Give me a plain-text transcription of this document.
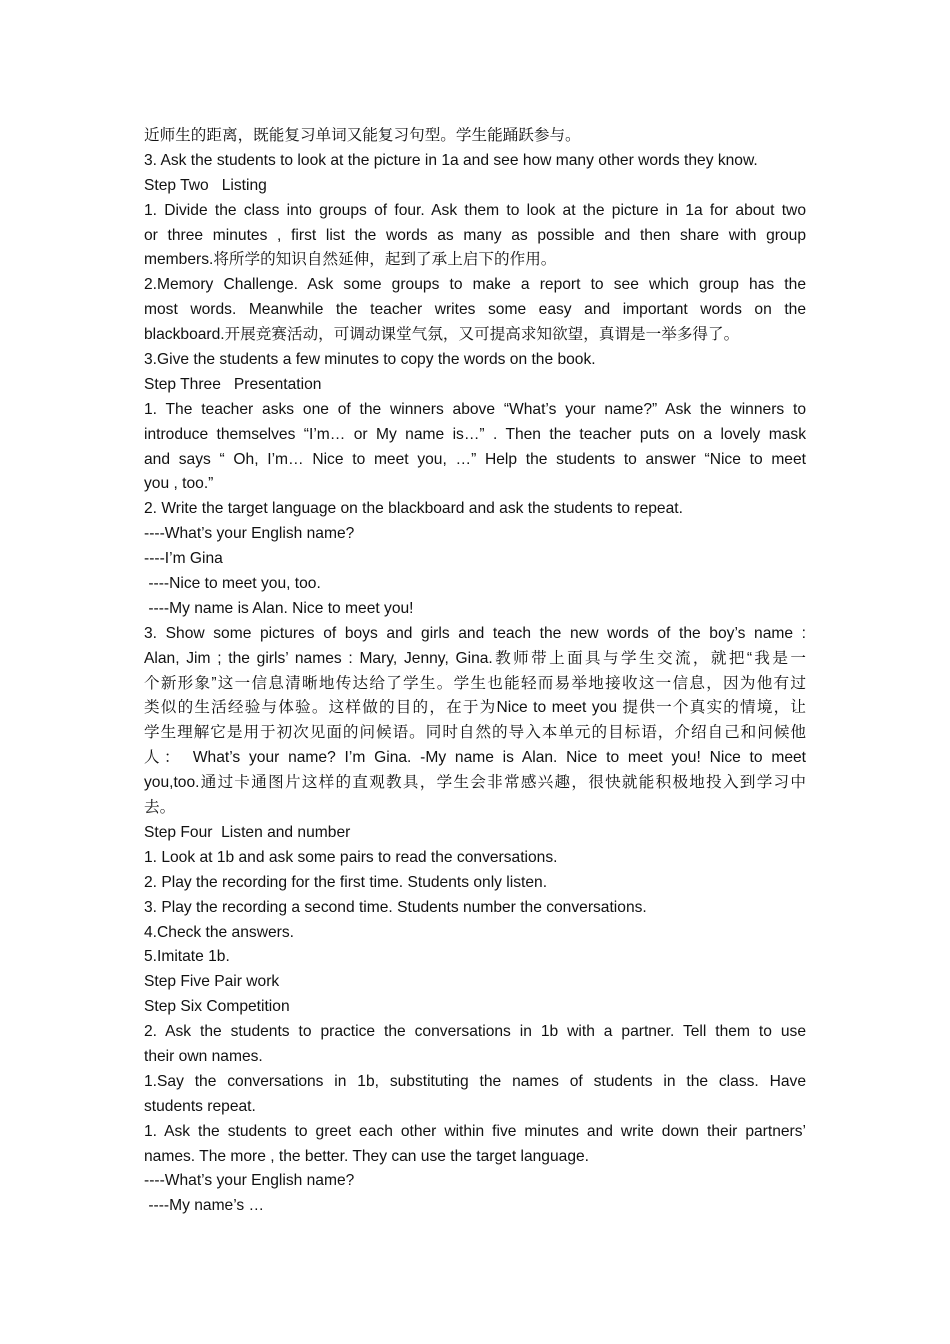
近师生的距离，既能复习单词又能复习句型。学生能踊跃参与。
3. Ask the students to look at the picture in 1a and see how many other words they know.
Step Two   Listing
1. Divide the class into groups of four. Ask them to look at the picture in 1a for about two
or three minutes , first list the words as many as possible and then share with group
members.将所学的知识自然延伸，起到了承上启下的作用。
2.Memory Challenge. Ask some groups to make a report to see which group has the
most words. Meanwhile the teacher writes some easy and important words on the
blackboard.开展竞赛活动，可调动课堂气氛，又可提高求知欲望，真谓是一举多得了。
3.Give the students a few minutes to copy the words on the book.
Step Three   Presentation
1. The teacher asks one of the winners above “What’s your name?” Ask the winners to
introduce themselves “I’m… or My name is…” . Then the teacher puts on a lovely mask
and says “ Oh, I’m… Nice to meet you, …” Help the students to answer “Nice to meet
you , too.”
2. Write the target language on the blackboard and ask the students to repeat.
----What’s your English name?
----I’m Gina
----Nice to meet you, too.
----My name is Alan. Nice to meet you!
3. Show some pictures of boys and girls and teach the new words of the boy’s name :
Alan, Jim ; the girls’ names : Mary, Jenny, Gina.教师带上面具与学生交流，就把“我是一
个新形象”这一信息清晰地传达给了学生。学生也能轻而易举地接收这一信息，因为他有过
类似的生活经验与体验。这样做的目的，在于为Nice to meet you 提供一个真实的情境，让
学生理解它是用于初次见面的问候语。同时自然的导入本单元的目标语，介绍自己和问候他
人： What’s your name? I’m Gina. -My name is Alan. Nice to meet you! Nice to meet
you,too.通过卡通图片这样的直观教具，学生会非常感兴趣，很快就能积极地投入到学习中
去。
Step Four  Listen and number
1. Look at 1b and ask some pairs to read the conversations.
2. Play the recording for the first time. Students only listen.
3. Play the recording a second time. Students number the conversations.
4.Check the answers.
5.Imitate 1b.
Step Five Pair work
Step Six Competition
2. Ask the students to practice the conversations in 1b with a partner. Tell them to use
their own names.
1.Say the conversations in 1b, substituting the names of students in the class. Have
students repeat.
1. Ask the students to greet each other within five minutes and write down their partners’
names. The more , the better. They can use the target language.
----What’s your English name?
----My name’s …
